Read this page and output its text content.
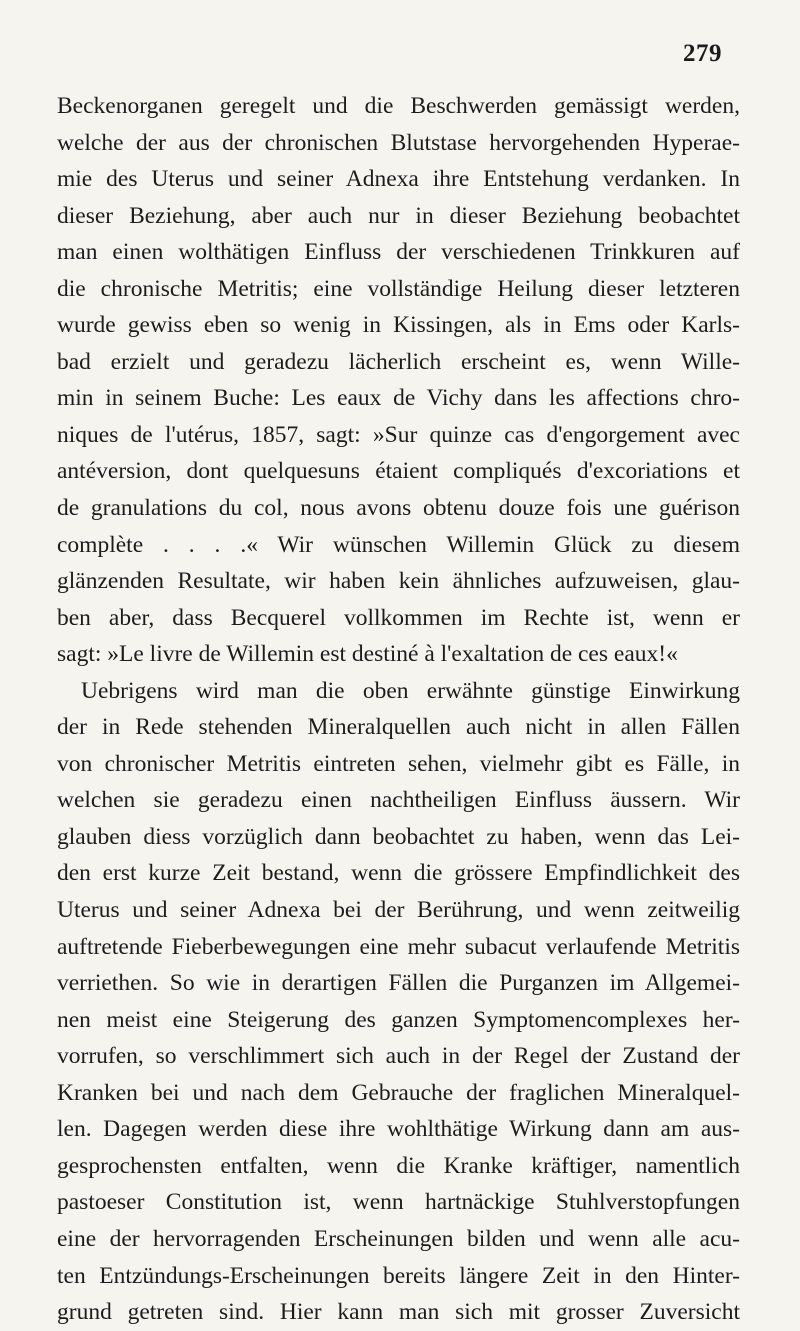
279
Beckenorganen geregelt und die Beschwerden gemässigt werden,
welche der aus der chronischen Blutstase hervorgehenden Hyperae-
mie des Uterus und seiner Adnexa ihre Entstehung verdanken. In
dieser Beziehung, aber auch nur in dieser Beziehung beobachtet
man einen wolthätigen Einfluss der verschiedenen Trinkkuren auf
die chronische Metritis; eine vollständige Heilung dieser letzteren
wurde gewiss eben so wenig in Kissingen, als in Ems oder Karls-
bad erzielt und geradezu lächerlich erscheint es, wenn Wille-
min in seinem Buche: Les eaux de Vichy dans les affections chro-
niques de l'utérus, 1857, sagt: »Sur quinze cas d'engorgement avec
antéversion, dont quelquesuns étaient compliqués d'excoriations et
de granulations du col, nous avons obtenu douze fois une guérison
complète . . . .« Wir wünschen Willemin Glück zu diesem
glänzenden Resultate, wir haben kein ähnliches aufzuweisen, glau-
ben aber, dass Becquerel vollkommen im Rechte ist, wenn er
sagt: »Le livre de Willemin est destiné à l'exaltation de ces eaux!«
Uebrigens wird man die oben erwähnte günstige Einwirkung
der in Rede stehenden Mineralquellen auch nicht in allen Fällen
von chronischer Metritis eintreten sehen, vielmehr gibt es Fälle, in
welchen sie geradezu einen nachtheiligen Einfluss äussern. Wir
glauben diess vorzüglich dann beobachtet zu haben, wenn das Lei-
den erst kurze Zeit bestand, wenn die grössere Empfindlichkeit des
Uterus und seiner Adnexa bei der Berührung, und wenn zeitweilig
auftretende Fieberbewegungen eine mehr subacut verlaufende Metritis
verriethen. So wie in derartigen Fällen die Purganzen im Allgemei-
nen meist eine Steigerung des ganzen Symptomencomplexes her-
vorrufen, so verschlimmert sich auch in der Regel der Zustand der
Kranken bei und nach dem Gebrauche der fraglichen Mineralquel-
len. Dagegen werden diese ihre wohlthätige Wirkung dann am aus-
gesprochensten entfalten, wenn die Kranke kräftiger, namentlich
pastoeser Constitution ist, wenn hartnäckige Stuhlverstopfungen
eine der hervorragenden Erscheinungen bilden und wenn alle acu-
ten Entzündungs-Erscheinungen bereits längere Zeit in den Hinter-
grund getreten sind. Hier kann man sich mit grosser Zuversicht
